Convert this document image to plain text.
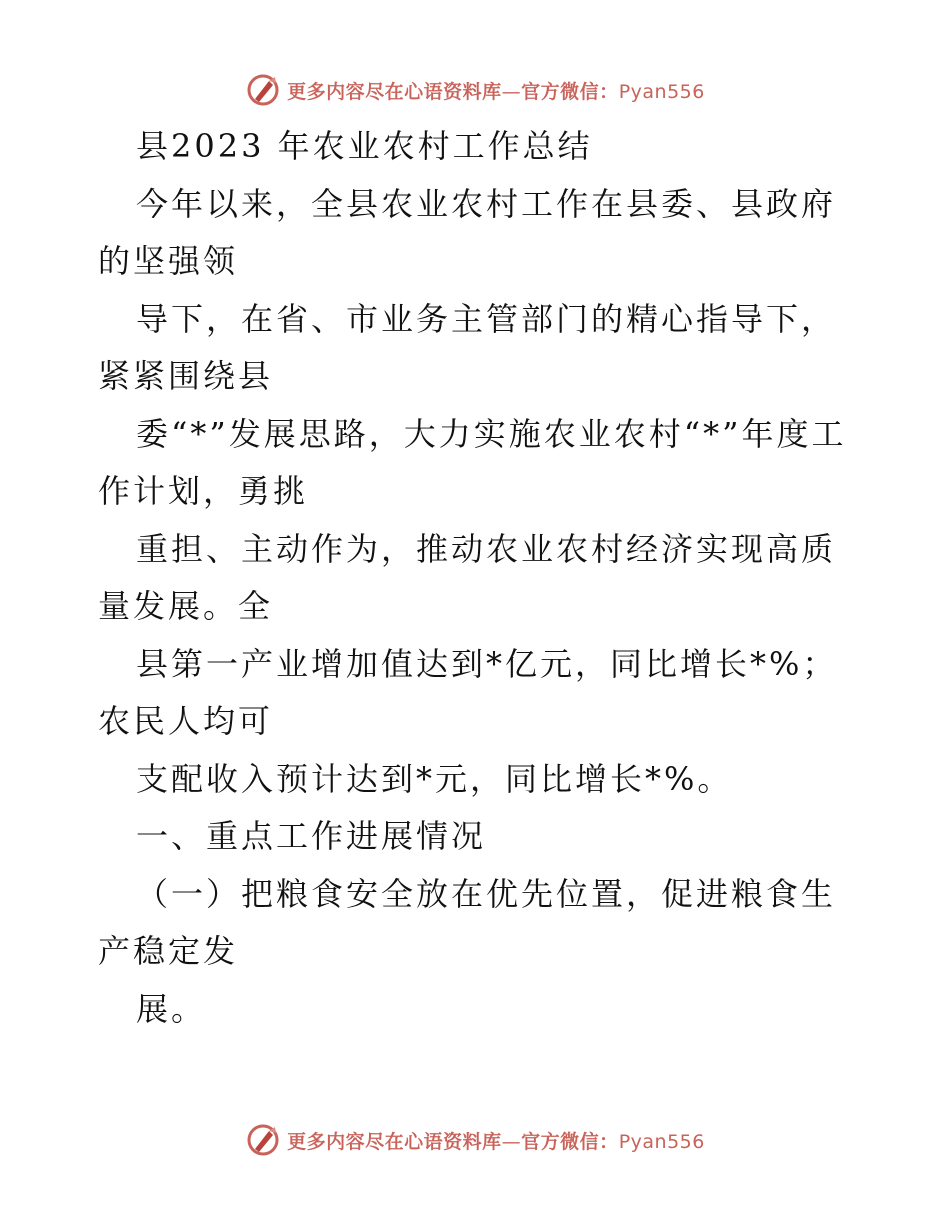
更多内容尽在心语资料库—官方微信：Pyan556

县2023 年农业农村工作总结

今年以来，全县农业农村工作在县委、县政府的坚强领

导下，在省、市业务主管部门的精心指导下，紧紧围绕县

委“*”发展思路，大力实施农业农村“*”年度工作计划，勇挑

重担、主动作为，推动农业农村经济实现高质量发展。全

县第一产业增加值达到*亿元，同比增长*%；农民人均可

支配收入预计达到*元，同比增长*%。

一、重点工作进展情况

（一）把粮食安全放在优先位置，促进粮食生产稳定发

展。

更多内容尽在心语资料库—官方微信：Pyan556
